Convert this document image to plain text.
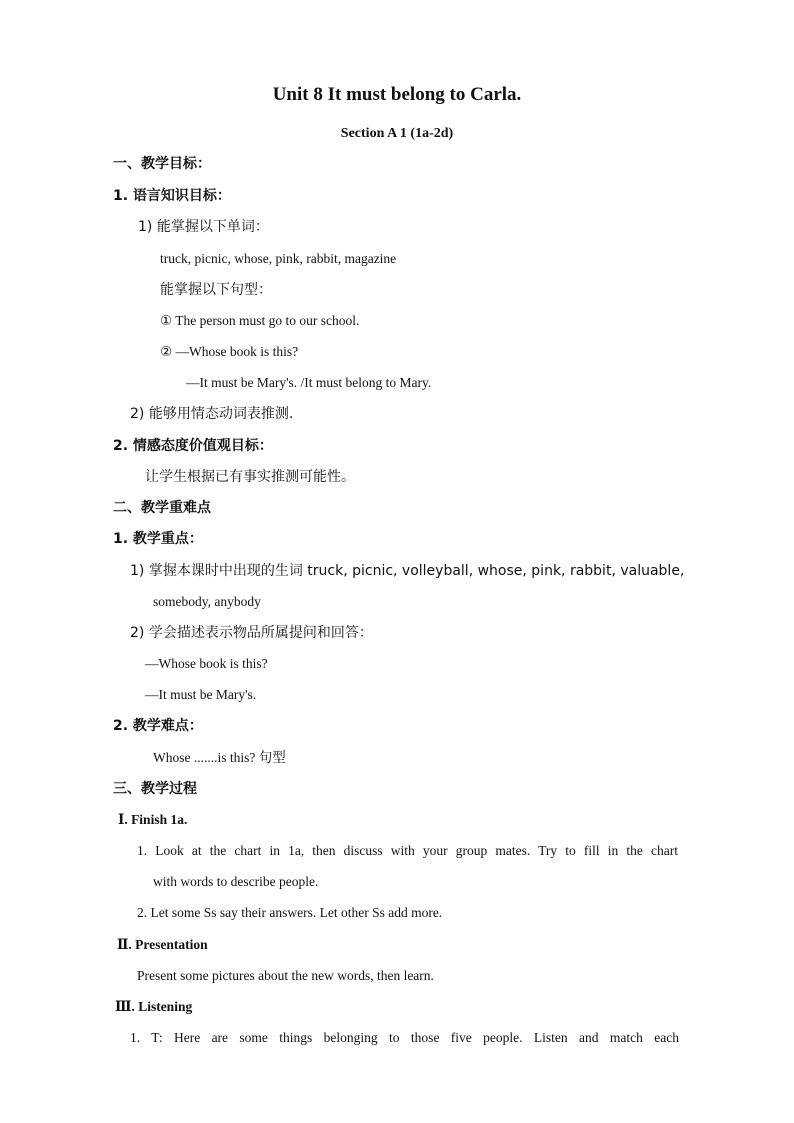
Unit 8 It must belong to Carla.
Section A 1 (1a-2d)
一、教学目标：
1. 语言知识目标：
1) 能掌握以下单词：
truck, picnic, whose, pink, rabbit, magazine
能掌握以下句型：
① The person must go to our school.
② —Whose book is this?
—It must be Mary's. /It must belong to Mary.
2) 能够用情态动词表推测.
2. 情感态度价值观目标：
让学生根据已有事实推测可能性。
二、教学重难点
1. 教学重点：
1) 掌握本课时中出现的生词 truck, picnic, volleyball, whose, pink, rabbit, valuable,
somebody, anybody
2) 学会描述表示物品所属提问和回答：
—Whose book is this?
—It must be Mary's.
2. 教学难点：
Whose .......is this? 句型
三、教学过程
Ⅰ. Finish 1a.
1. Look at the chart in 1a, then discuss with your group mates. Try to fill in the chart
with words to describe people.
2. Let some Ss say their answers. Let other Ss add more.
Ⅱ. Presentation
Present some pictures about the new words, then learn.
Ⅲ. Listening
1. T: Here are some things belonging to those five people. Listen and match each
